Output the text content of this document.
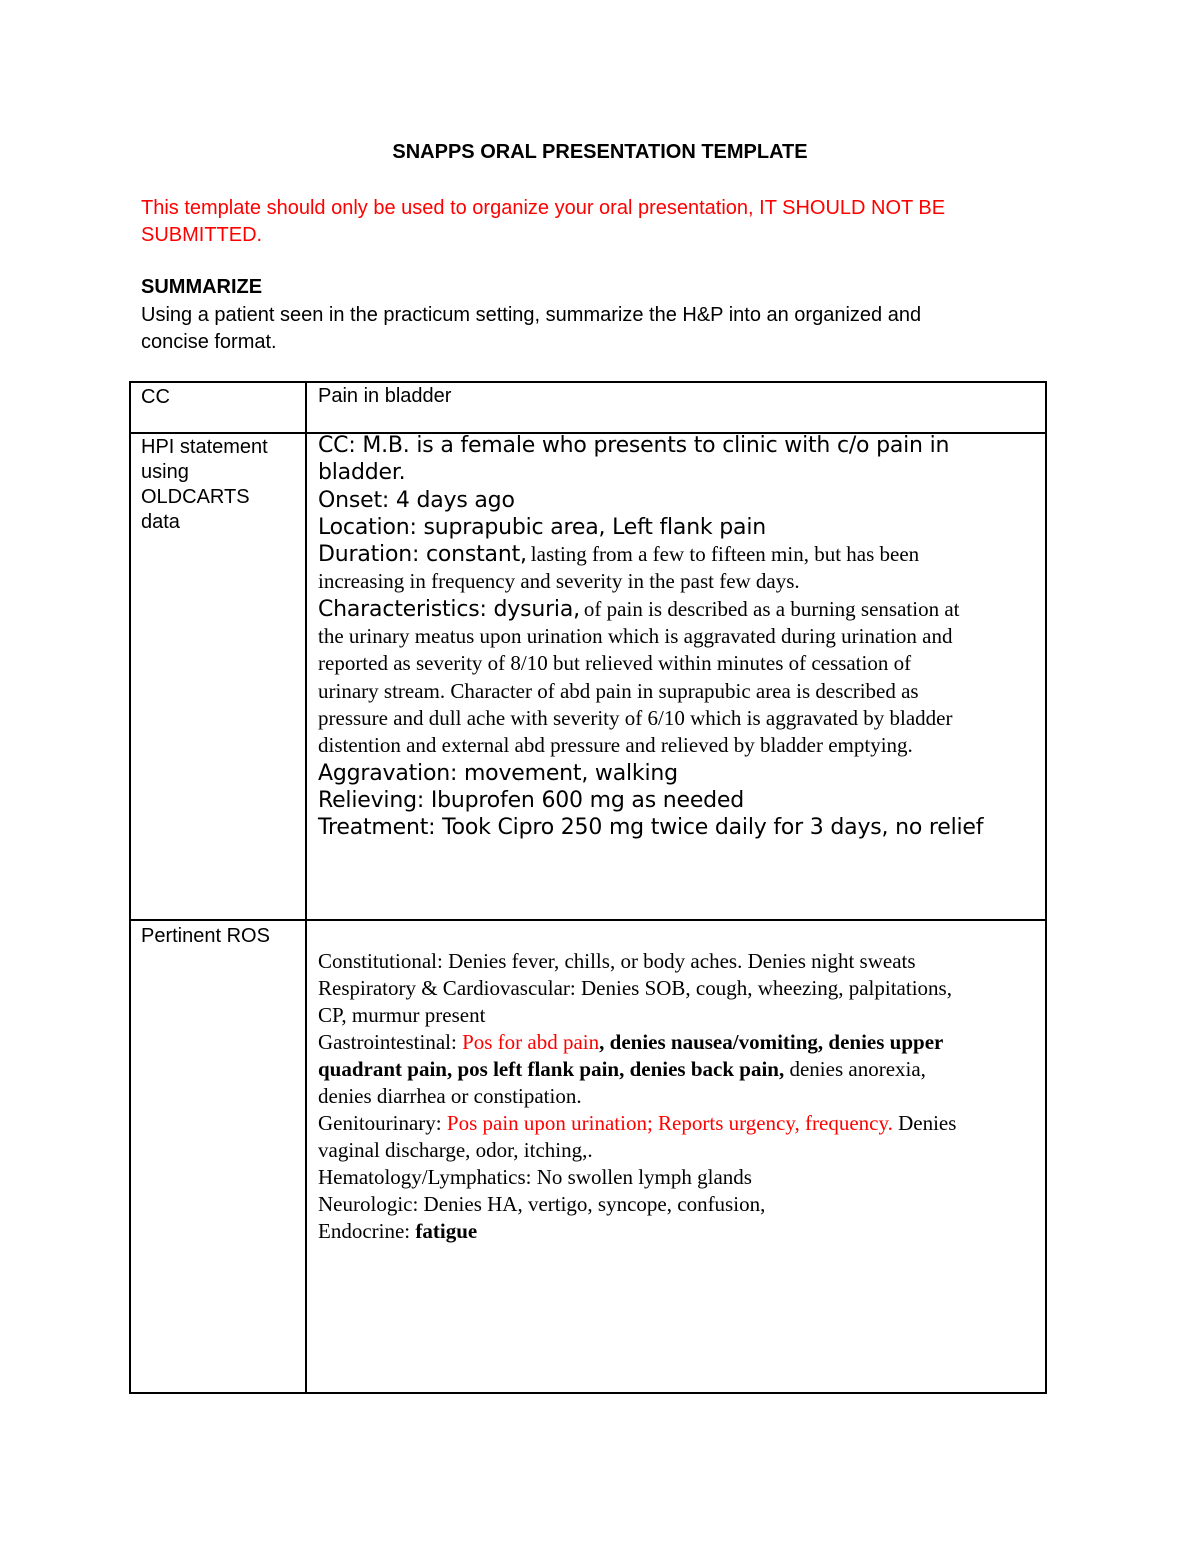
SNAPPS ORAL PRESENTATION TEMPLATE
This template should only be used to organize your oral presentation, IT SHOULD NOT BE
SUBMITTED.
SUMMARIZE
Using a patient seen in the practicum setting, summarize the H&P into an organized and
concise format.
CC	Pain in bladder
HPI statement
using
OLDCARTS
data
CC: M.B. is a female who presents to clinic with c/o pain in
bladder.
Onset: 4 days ago
Location: suprapubic area, Left flank pain
Duration: constant, lasting from a few to fifteen min, but has been
increasing in frequency and severity in the past few days.
Characteristics: dysuria, of pain is described as a burning sensation at
the urinary meatus upon urination which is aggravated during urination and
reported as severity of 8/10 but relieved within minutes of cessation of
urinary stream. Character of abd pain in suprapubic area is described as
pressure and dull ache with severity of 6/10 which is aggravated by bladder
distention and external abd pressure and relieved by bladder emptying.
Aggravation: movement, walking
Relieving: Ibuprofen 600 mg as needed
Treatment: Took Cipro 250 mg twice daily for 3 days, no relief
Pertinent ROS
Constitutional: Denies fever, chills, or body aches. Denies night sweats
Respiratory & Cardiovascular: Denies SOB, cough, wheezing, palpitations,
CP, murmur present
Gastrointestinal: Pos for abd pain, denies nausea/vomiting, denies upper
quadrant pain, pos left flank pain, denies back pain, denies anorexia,
denies diarrhea or constipation.
Genitourinary: Pos pain upon urination; Reports urgency, frequency. Denies
vaginal discharge, odor, itching,.
Hematology/Lymphatics: No swollen lymph glands
Neurologic: Denies HA, vertigo, syncope, confusion,
Endocrine: fatigue
